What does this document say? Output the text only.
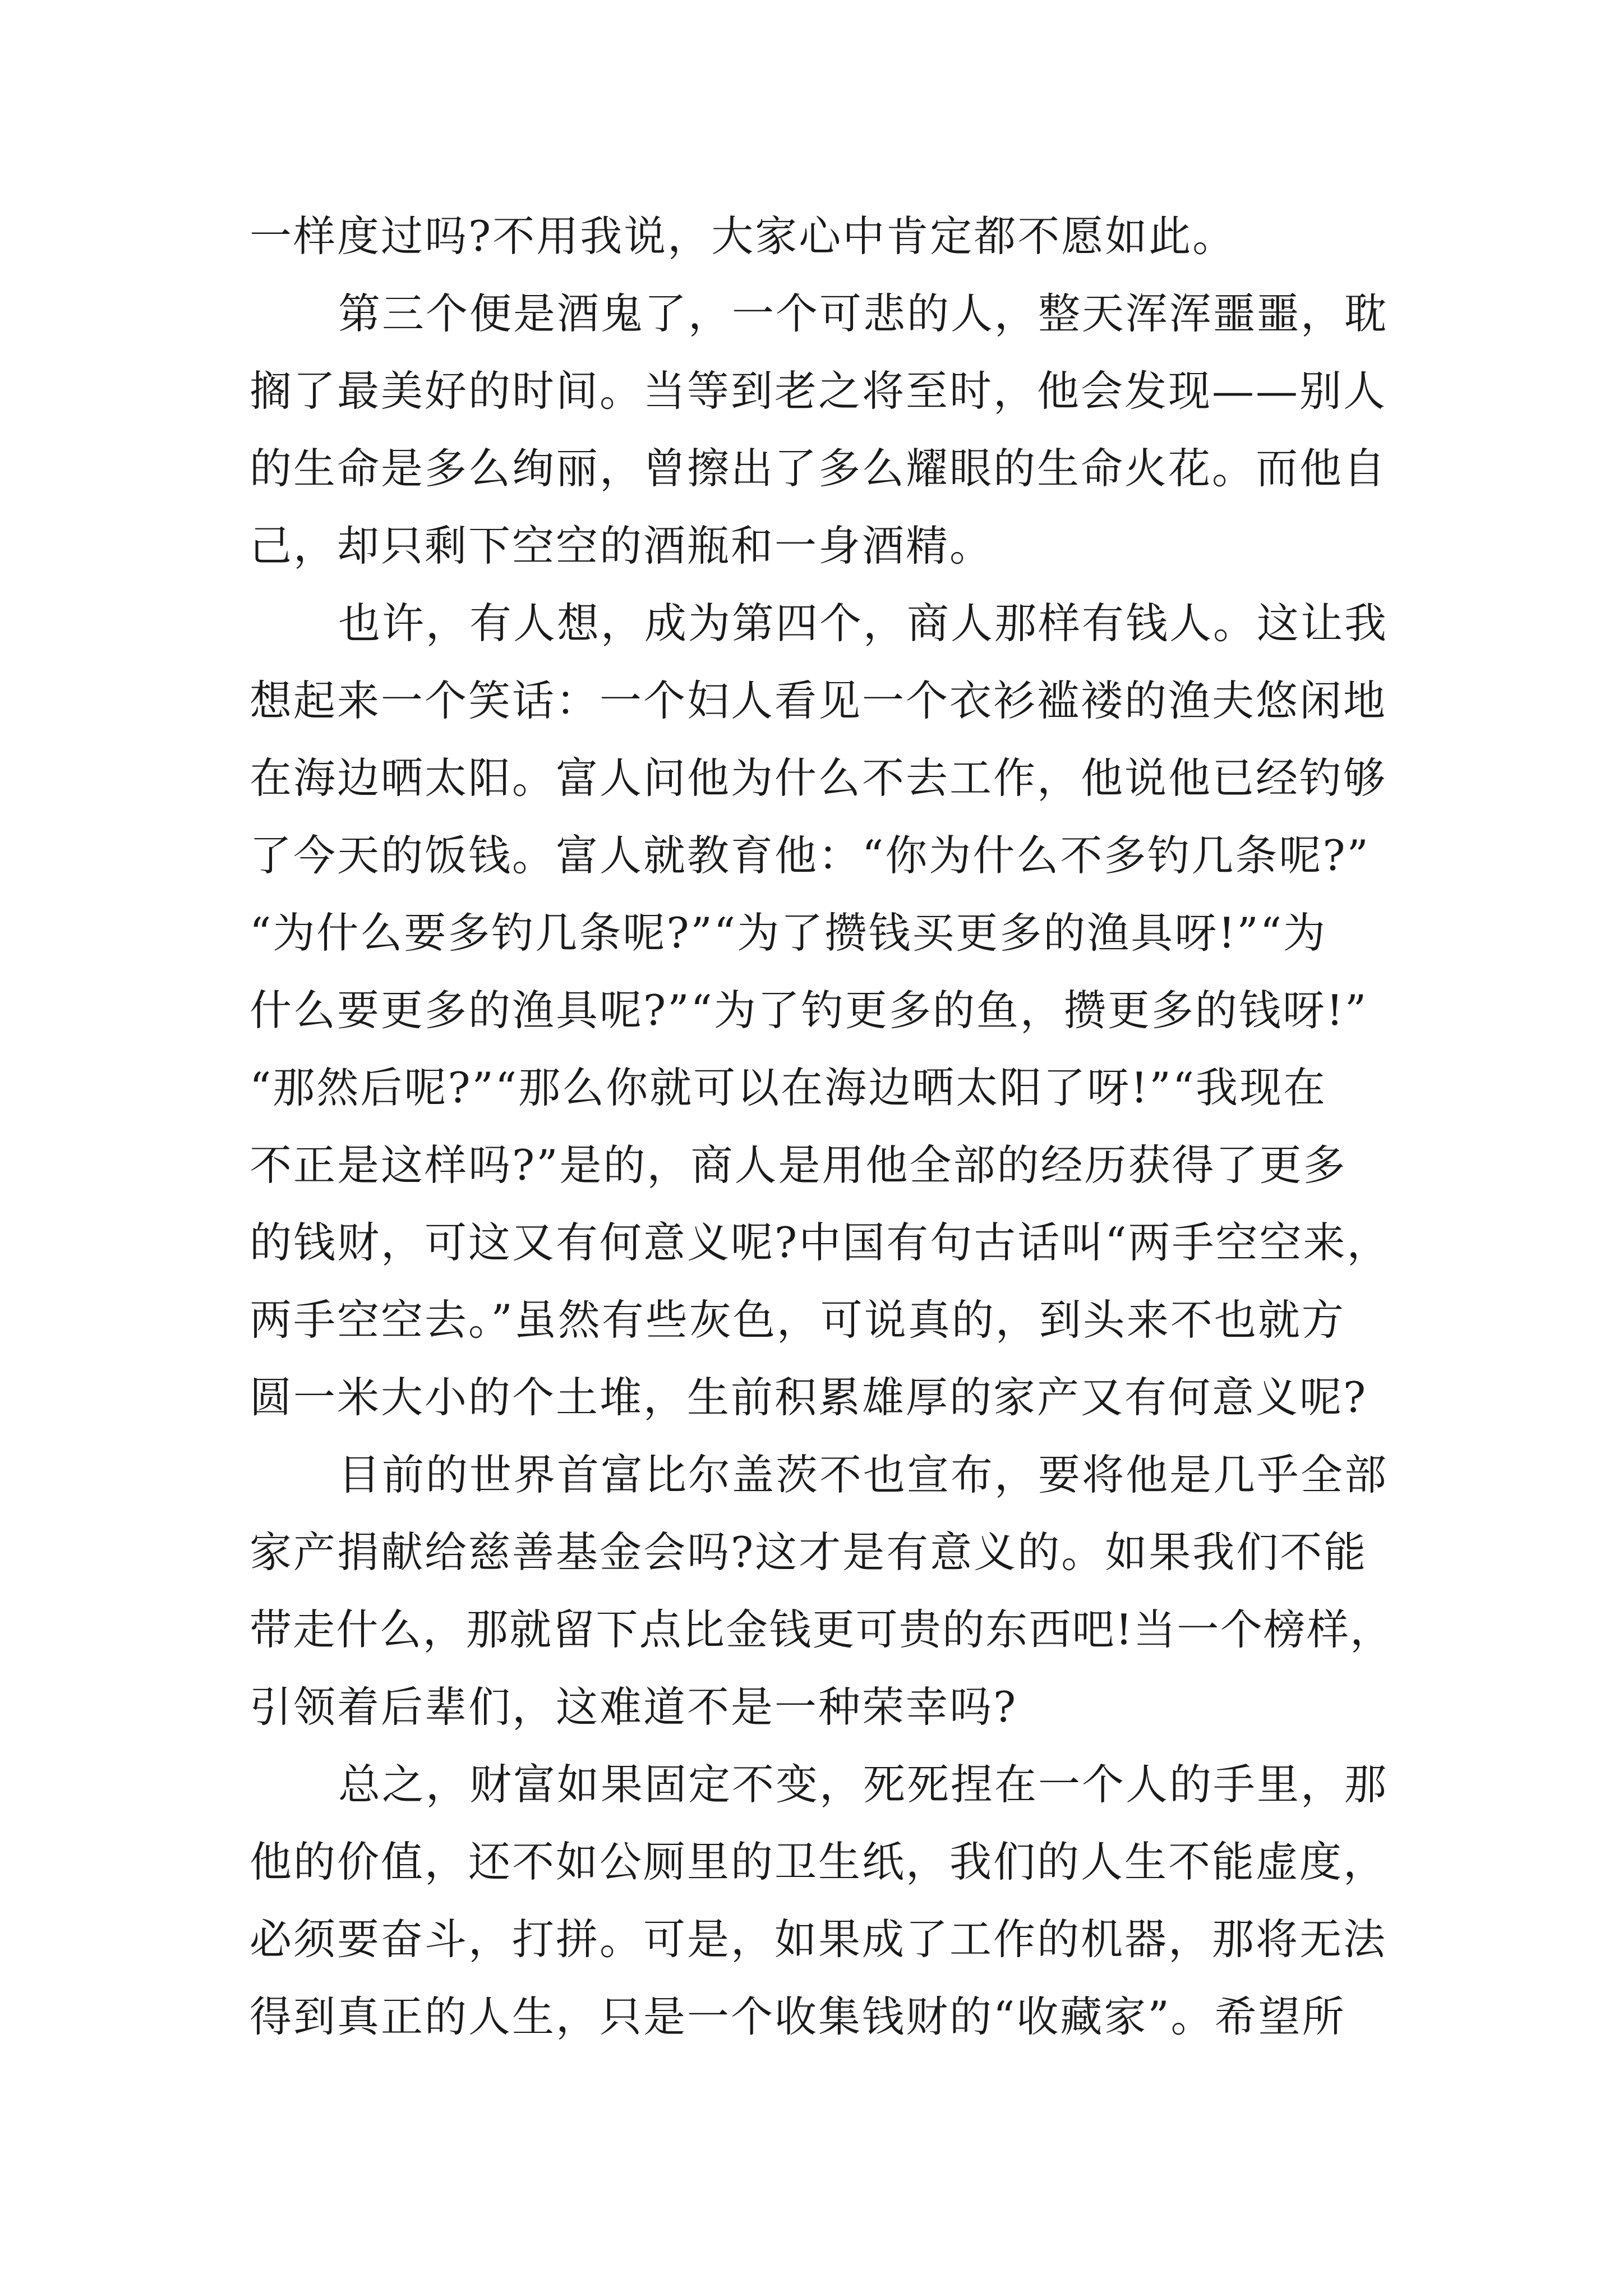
一样度过吗?不用我说，大家心中肯定都不愿如此。
第三个便是酒鬼了，一个可悲的人，整天浑浑噩噩，耽
搁了最美好的时间。当等到老之将至时，他会发现——别人
的生命是多么绚丽，曾擦出了多么耀眼的生命火花。而他自
己，却只剩下空空的酒瓶和一身酒精。
也许，有人想，成为第四个，商人那样有钱人。这让我
想起来一个笑话：一个妇人看见一个衣衫褴褛的渔夫悠闲地
在海边晒太阳。富人问他为什么不去工作，他说他已经钓够
了今天的饭钱。富人就教育他：“你为什么不多钓几条呢?”
“为什么要多钓几条呢?”“为了攒钱买更多的渔具呀!”“为
什么要更多的渔具呢?”“为了钓更多的鱼，攒更多的钱呀!”
“那然后呢?”“那么你就可以在海边晒太阳了呀!”“我现在
不正是这样吗?”是的，商人是用他全部的经历获得了更多
的钱财，可这又有何意义呢?中国有句古话叫“两手空空来，
两手空空去。”虽然有些灰色，可说真的，到头来不也就方
圆一米大小的个土堆，生前积累雄厚的家产又有何意义呢?
目前的世界首富比尔盖茨不也宣布，要将他是几乎全部
家产捐献给慈善基金会吗?这才是有意义的。如果我们不能
带走什么，那就留下点比金钱更可贵的东西吧!当一个榜样，
引领着后辈们，这难道不是一种荣幸吗?
总之，财富如果固定不变，死死捏在一个人的手里，那
他的价值，还不如公厕里的卫生纸，我们的人生不能虚度，
必须要奋斗，打拼。可是，如果成了工作的机器，那将无法
得到真正的人生，只是一个收集钱财的“收藏家”。希望所
